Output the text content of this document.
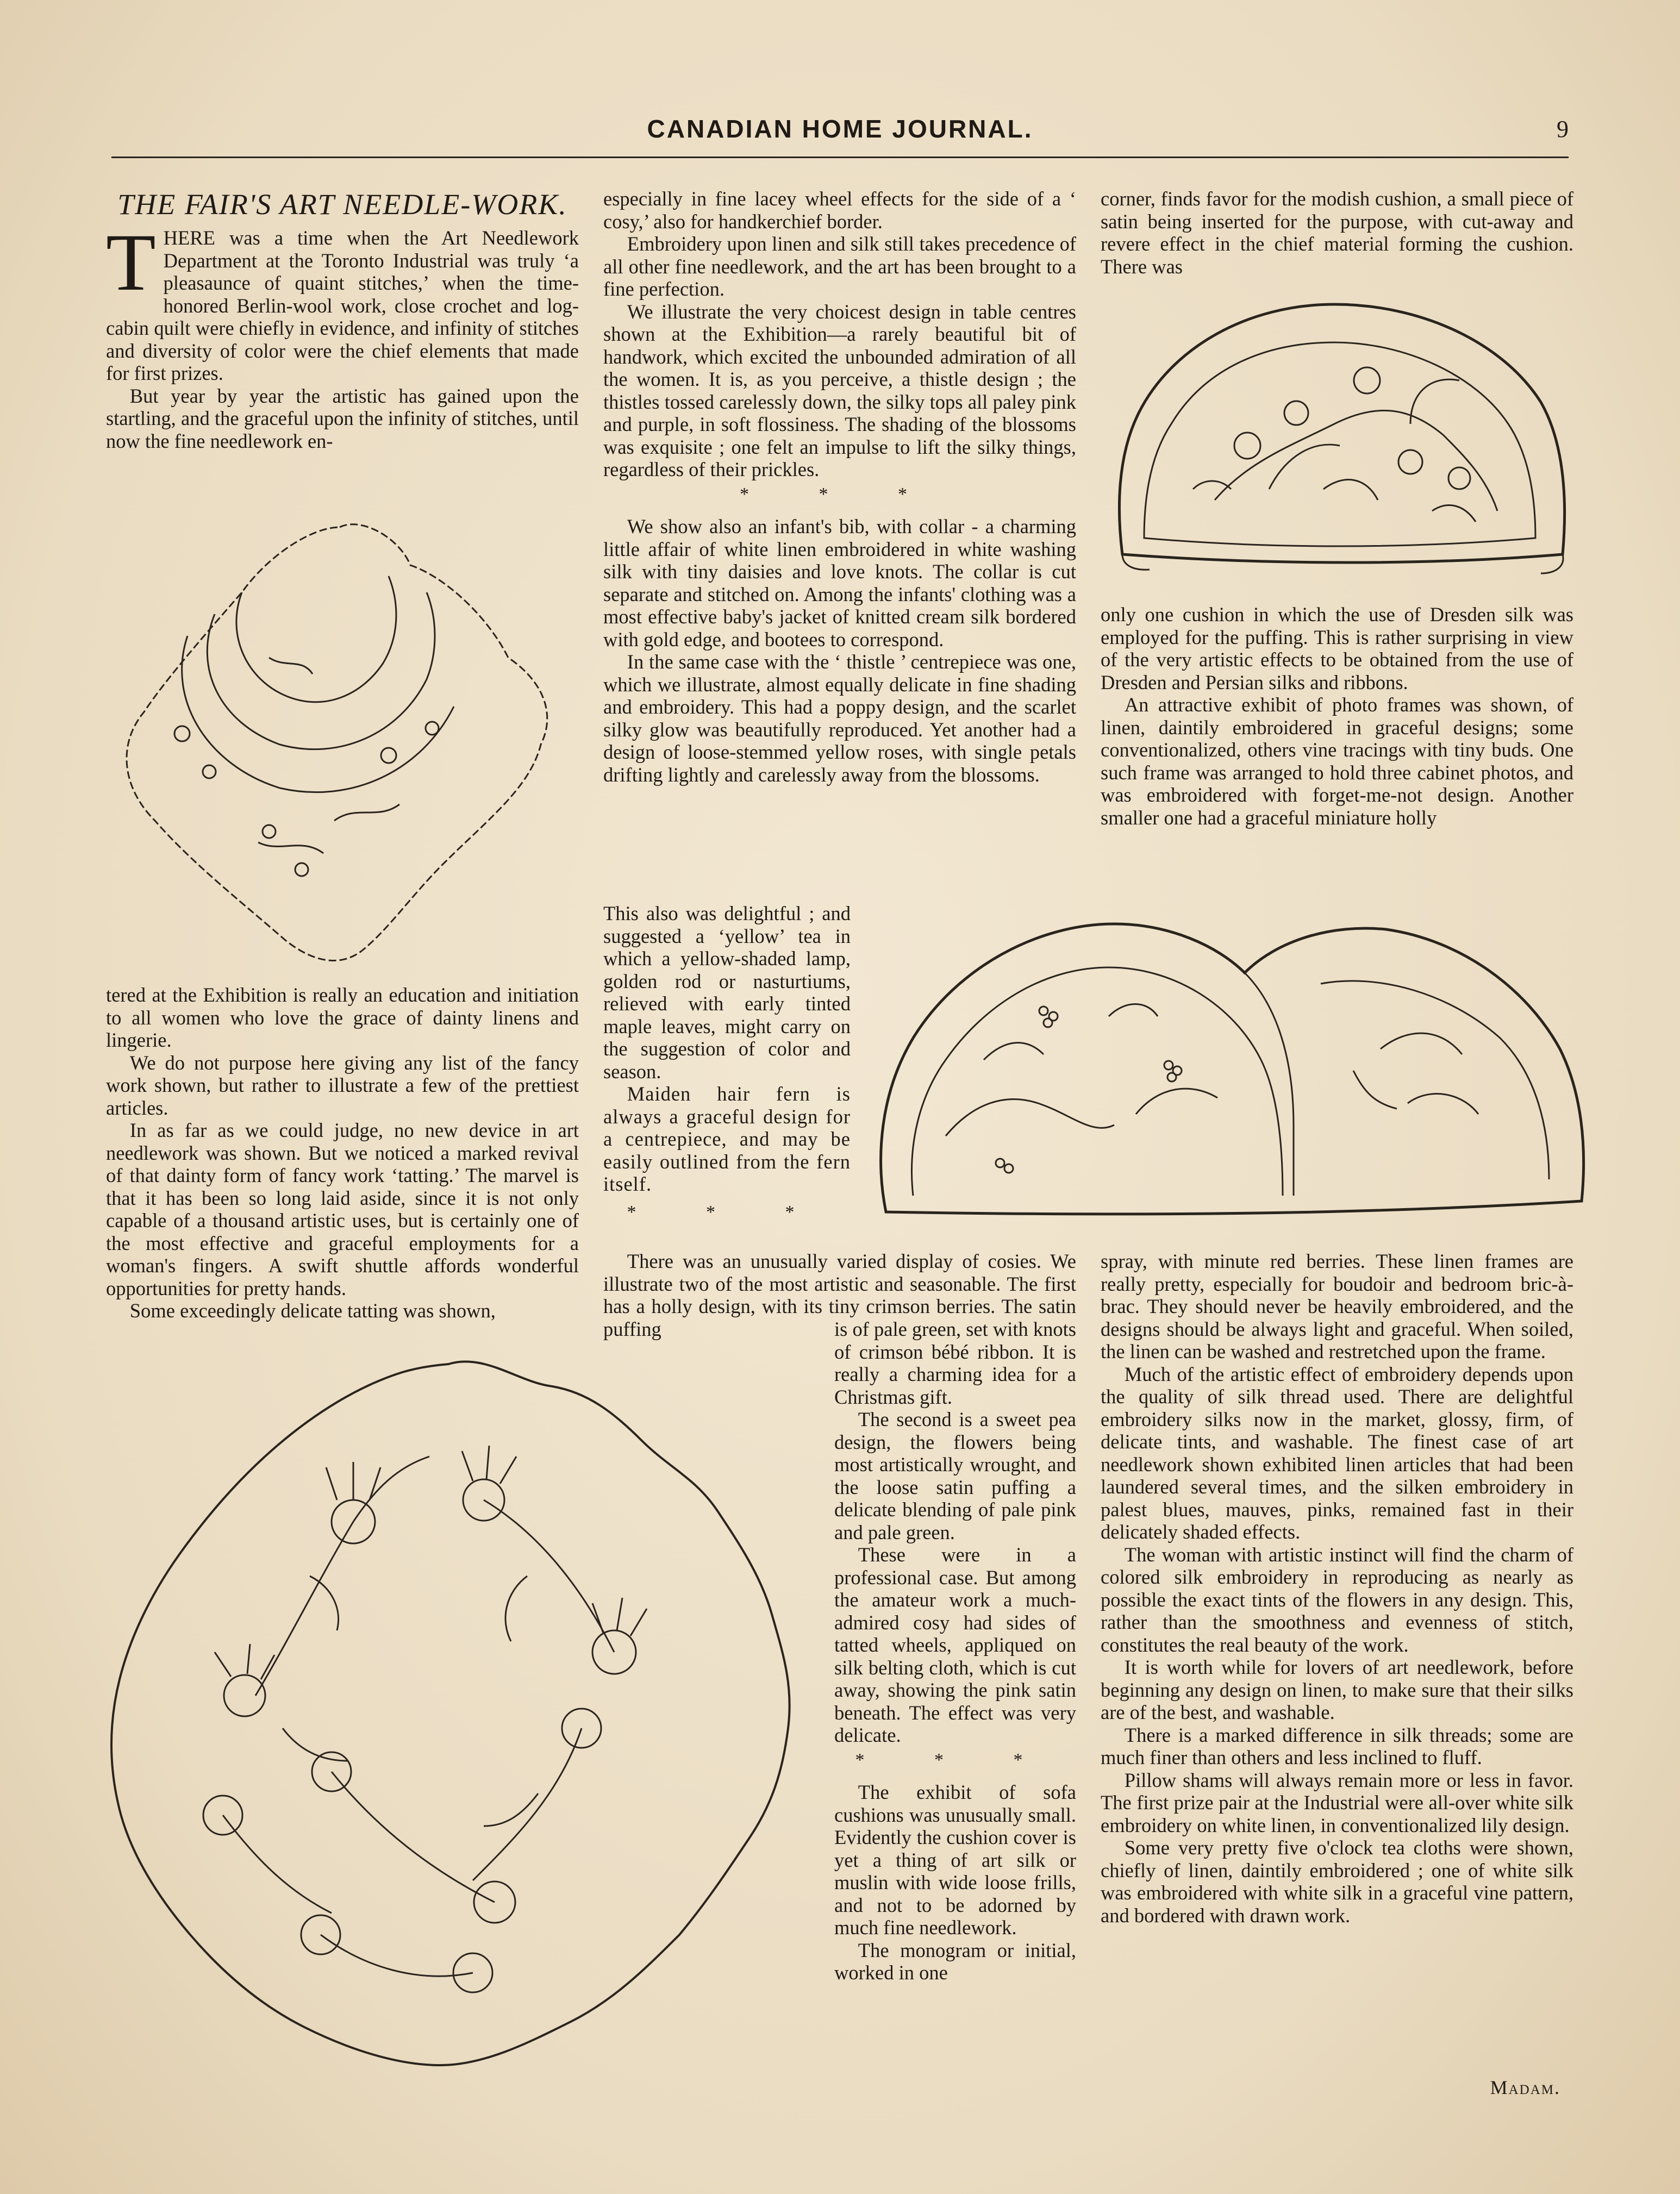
CANADIAN HOME JOURNAL.	9
THE FAIR'S ART NEEDLE-WORK.

THERE was a time when the Art Needlework Department at the Toronto Industrial was truly ‘a pleasaunce of quaint stitches,’ when the time-honored Berlin-wool work, close crochet and log-cabin quilt were chiefly in evidence, and infinity of stitches and diversity of color were the chief elements that made for first prizes.

But year by year the artistic has gained upon the startling, and the graceful upon the infinity of stitches, until now the fine needlework en-

tered at the Exhibition is really an education and initiation to all women who love the grace of dainty linens and lingerie.

We do not purpose here giving any list of the fancy work shown, but rather to illustrate a few of the prettiest articles.

In as far as we could judge, no new device in art needlework was shown. But we noticed a marked revival of that dainty form of fancy work ‘tatting.’ The marvel is that it has been so long laid aside, since it is not only capable of a thousand artistic uses, but is certainly one of the most effective and graceful employments for a woman's fingers. A swift shuttle affords wonderful opportunities for pretty hands.

Some exceedingly delicate tatting was shown,

especially in fine lacey wheel effects for the side of a ‘ cosy,’ also for handkerchief border.

Embroidery upon linen and silk still takes precedence of all other fine needlework, and the art has been brought to a fine perfection.

We illustrate the very choicest design in table centres shown at the Exhibition—a rarely beautiful bit of handwork, which excited the unbounded admiration of all the women. It is, as you perceive, a thistle design ; the thistles tossed carelessly down, the silky tops all paley pink and purple, in soft flossiness. The shading of the blossoms was exquisite ; one felt an impulse to lift the silky things, regardless of their prickles.

* * *

We show also an infant's bib, with collar - a charming little affair of white linen embroidered in white washing silk with tiny daisies and love knots. The collar is cut separate and stitched on. Among the infants' clothing was a most effective baby's jacket of knitted cream silk bordered with gold edge, and bootees to correspond.

In the same case with the ‘ thistle ’ centrepiece was one, which we illustrate, almost equally delicate in fine shading and embroidery. This had a poppy design, and the scarlet silky glow was beautifully reproduced. Yet another had a design of loose-stemmed yellow roses, with single petals drifting lightly and carelessly away from the blossoms.

This also was delightful ; and suggested a ‘yellow’ tea in which a yellow-shaded lamp, golden rod or nasturtiums, relieved with early tinted maple leaves, might carry on the suggestion of color and season.

Maiden hair fern is always a graceful design for a centrepiece, and may be easily outlined from the fern itself.

* * *

There was an unusually varied display of cosies. We illustrate two of the most artistic and seasonable. The first has a holly design, with its tiny crimson berries. The satin puffing	is of pale green, set with knots of crimson bébé ribbon. It is really a charming idea for a Christmas gift.

The second is a sweet pea design, the flowers being most artistically wrought, and the loose satin puffing a delicate blending of pale pink and pale green.

These were in a professional case. But among the amateur work a much-admired cosy had sides of tatted wheels, appliqued on silk belting cloth, which is cut away, showing the pink satin beneath. The effect was very delicate.

* * *

The exhibit of sofa cushions was unusually small. Evidently the cushion cover is yet a thing of art silk or muslin with wide loose frills, and not to be adorned by much fine needlework.

The monogram or initial, worked in one

corner, finds favor for the modish cushion, a small piece of satin being inserted for the purpose, with cut-away and revere effect in the chief material forming the cushion. There was

only one cushion in which the use of Dresden silk was employed for the puffing. This is rather surprising in view of the very artistic effects to be obtained from the use of Dresden and Persian silks and ribbons.

An attractive exhibit of photo frames was shown, of linen, daintily embroidered in graceful designs; some conventionalized, others vine tracings with tiny buds. One such frame was arranged to hold three cabinet photos, and was embroidered with forget-me-not design. Another smaller one had a graceful miniature holly

spray, with minute red berries. These linen frames are really pretty, especially for boudoir and bedroom bric-à-brac. They should never be heavily embroidered, and the designs should be always light and graceful. When soiled, the linen can be washed and restretched upon the frame.

Much of the artistic effect of embroidery depends upon the quality of silk thread used. There are delightful embroidery silks now in the market, glossy, firm, of delicate tints, and washable. The finest case of art needlework shown exhibited linen articles that had been laundered several times, and the silken embroidery in palest blues, mauves, pinks, remained fast in their delicately shaded effects.

The woman with artistic instinct will find the charm of colored silk embroidery in reproducing as nearly as possible the exact tints of the flowers in any design. This, rather than the smoothness and evenness of stitch, constitutes the real beauty of the work.

It is worth while for lovers of art needlework, before beginning any design on linen, to make sure that their silks are of the best, and washable.

There is a marked difference in silk threads; some are much finer than others and less inclined to fluff.

Pillow shams will always remain more or less in favor. The first prize pair at the Industrial were all-over white silk embroidery on white linen, in conventionalized lily design.

Some very pretty five o'clock tea cloths were shown, chiefly of linen, daintily embroidered ; one of white silk was embroidered with white silk in a graceful vine pattern, and bordered with drawn work.

Madam.
